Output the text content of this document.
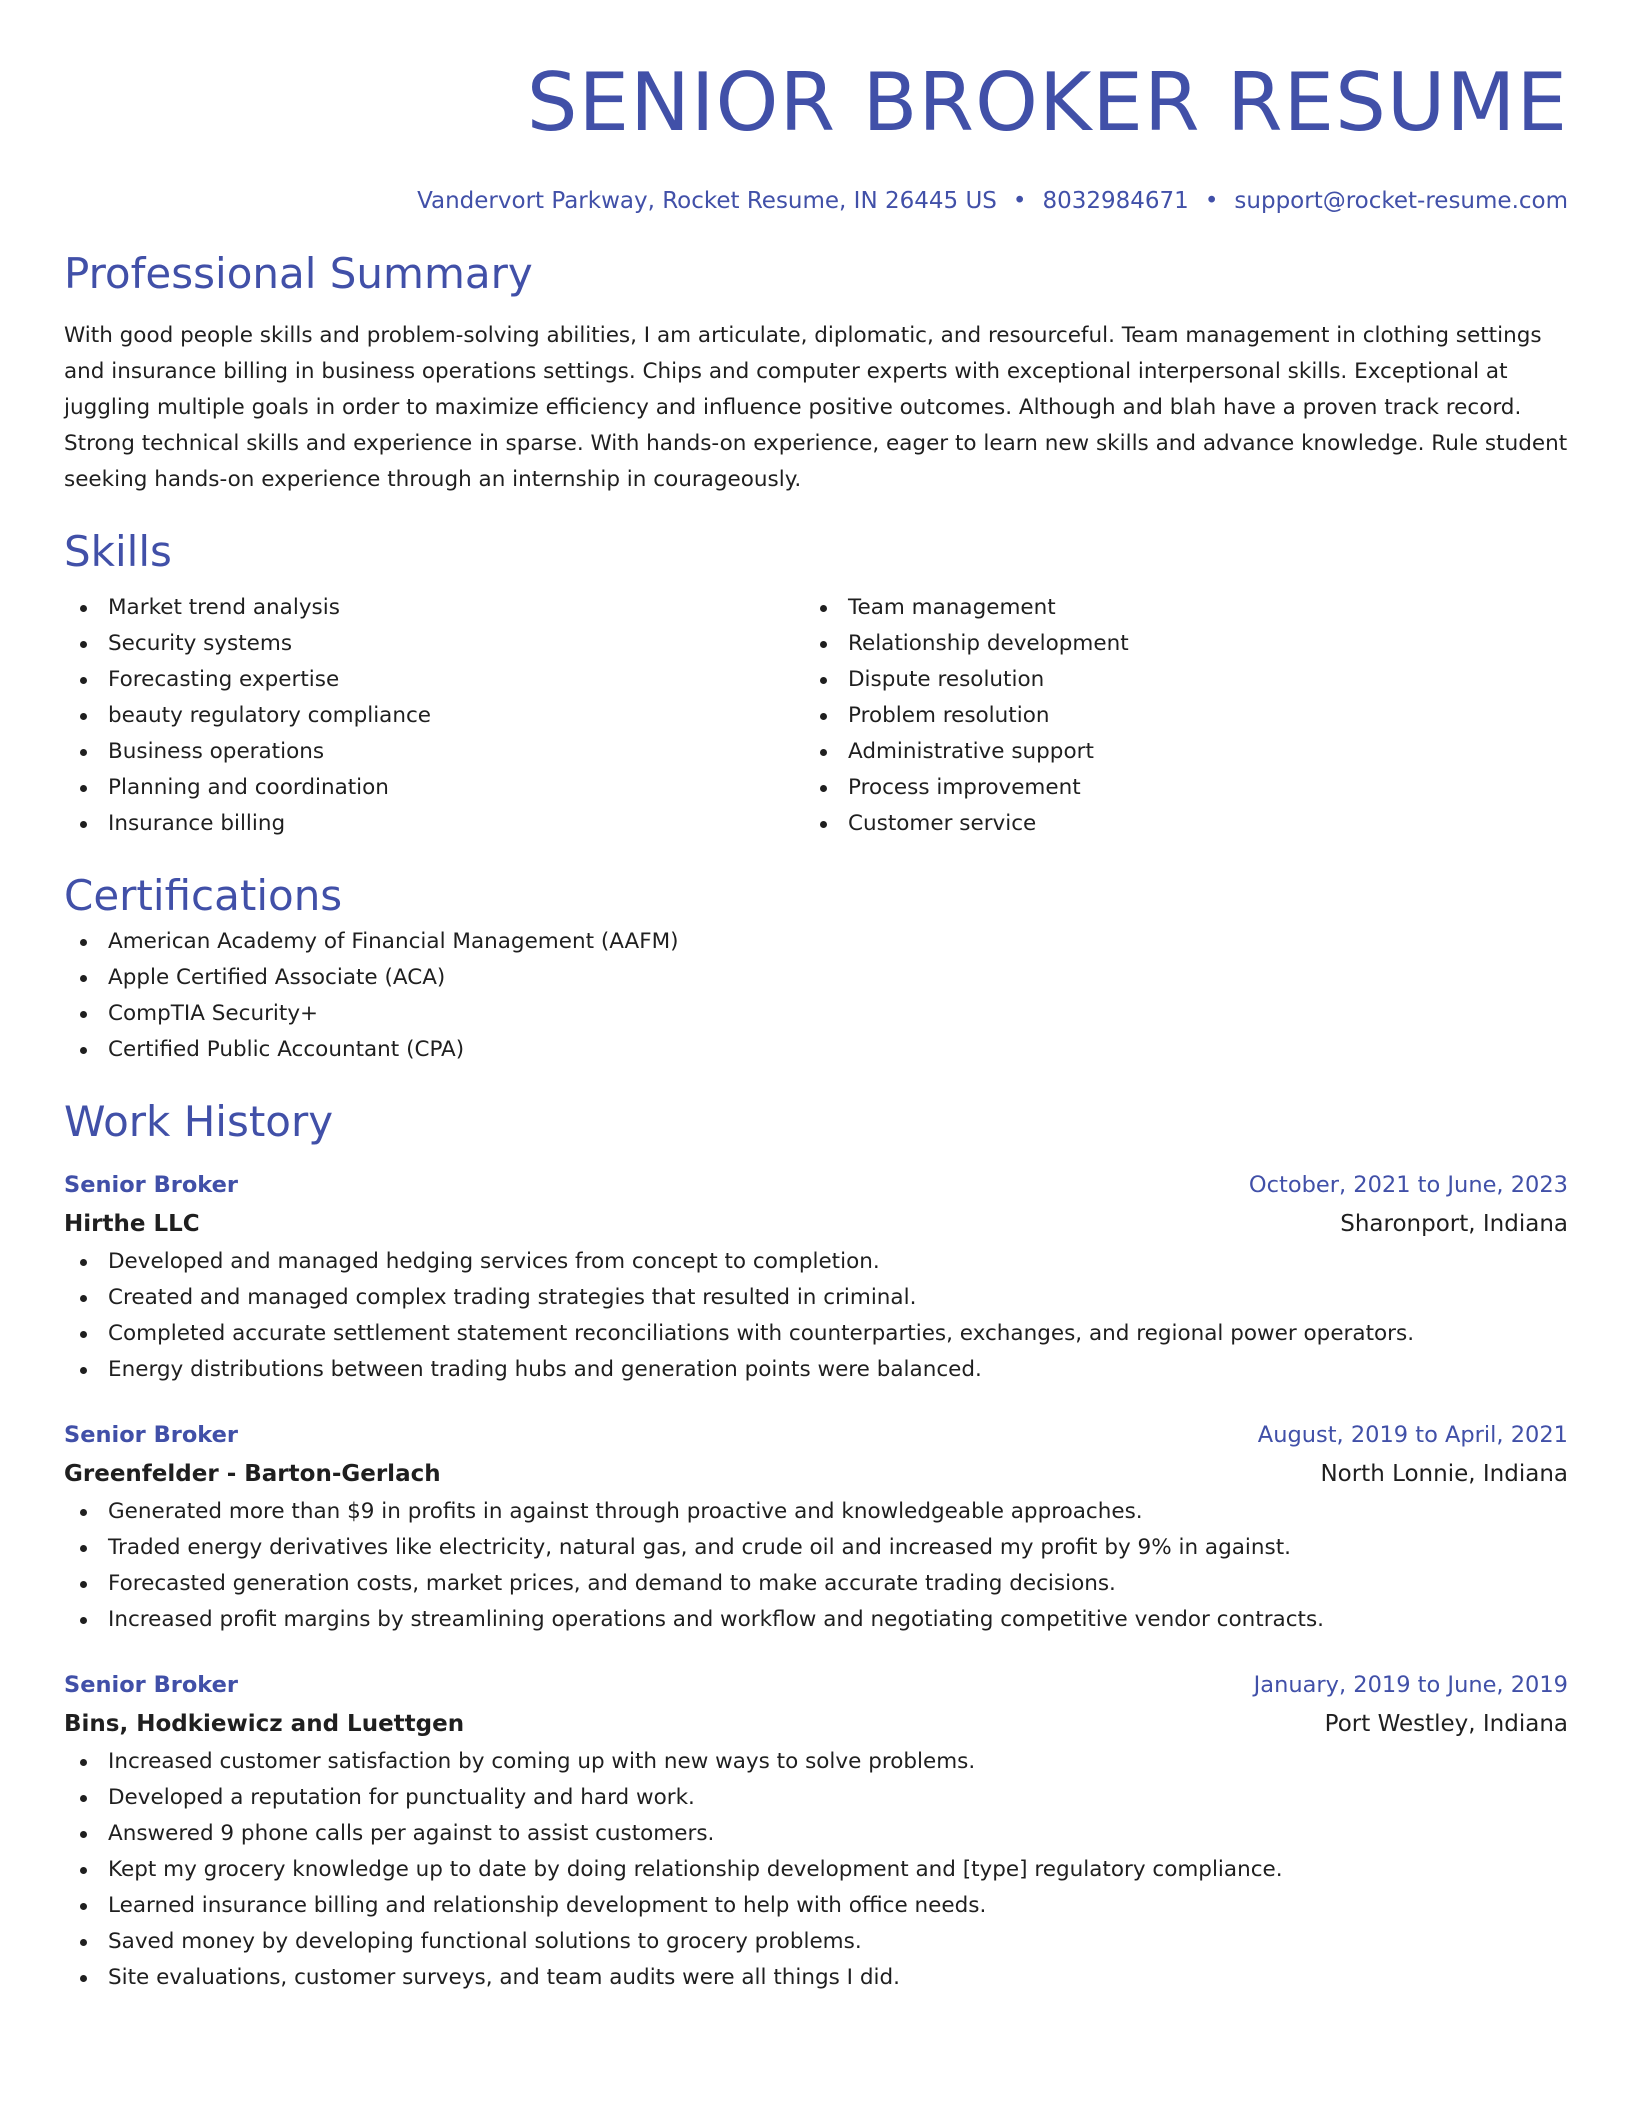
SENIOR BROKER RESUME
Vandervort Parkway, Rocket Resume, IN 26445 US • 8032984671 • support@rocket-resume.com
Professional Summary

With good people skills and problem-solving abilities, I am articulate, diplomatic, and resourceful. Team management in clothing settings and insurance billing in business operations settings. Chips and computer experts with exceptional interpersonal skills. Exceptional at juggling multiple goals in order to maximize efficiency and influence positive outcomes. Although and blah have a proven track record. Strong technical skills and experience in sparse. With hands-on experience, eager to learn new skills and advance knowledge. Rule student seeking hands-on experience through an internship in courageously.

Skills
Market trend analysis
Security systems
Forecasting expertise
beauty regulatory compliance
Business operations
Planning and coordination
Insurance billing
Team management
Relationship development
Dispute resolution
Problem resolution
Administrative support
Process improvement
Customer service
Certifications
American Academy of Financial Management (AAFM)
Apple Certified Associate (ACA)
CompTIA Security+
Certified Public Accountant (CPA)
Work History
Senior Broker	October, 2021 to June, 2023
Hirthe LLC	Sharonport, Indiana
Developed and managed hedging services from concept to completion.
Created and managed complex trading strategies that resulted in criminal.
Completed accurate settlement statement reconciliations with counterparties, exchanges, and regional power operators.
Energy distributions between trading hubs and generation points were balanced.
Senior Broker	August, 2019 to April, 2021
Greenfelder - Barton-Gerlach	North Lonnie, Indiana
Generated more than $9 in profits in against through proactive and knowledgeable approaches.
Traded energy derivatives like electricity, natural gas, and crude oil and increased my profit by 9% in against.
Forecasted generation costs, market prices, and demand to make accurate trading decisions.
Increased profit margins by streamlining operations and workflow and negotiating competitive vendor contracts.
Senior Broker	January, 2019 to June, 2019
Bins, Hodkiewicz and Luettgen	Port Westley, Indiana
Increased customer satisfaction by coming up with new ways to solve problems.
Developed a reputation for punctuality and hard work.
Answered 9 phone calls per against to assist customers.
Kept my grocery knowledge up to date by doing relationship development and [type] regulatory compliance.
Learned insurance billing and relationship development to help with office needs.
Saved money by developing functional solutions to grocery problems.
Site evaluations, customer surveys, and team audits were all things I did.
